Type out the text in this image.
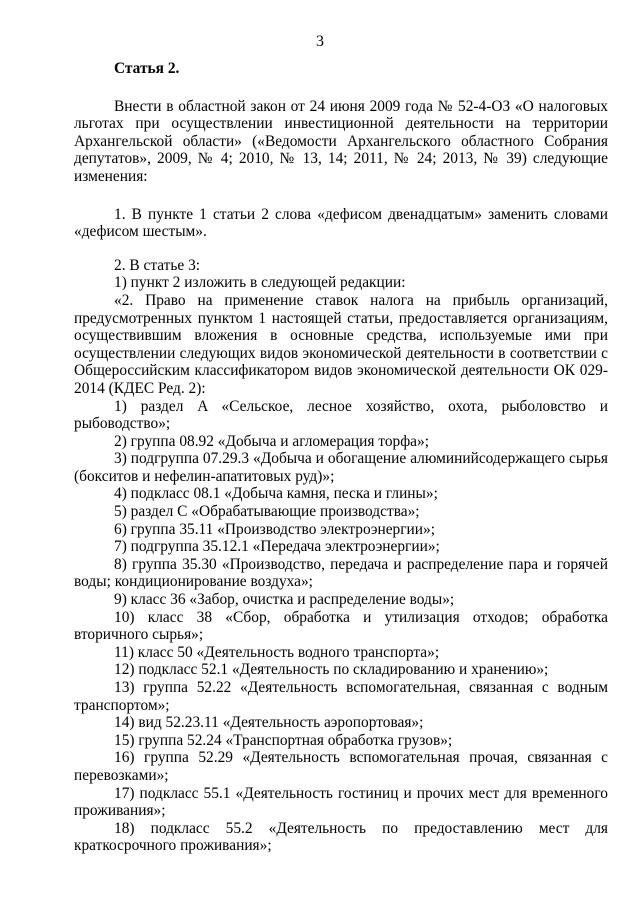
3

Статья 2.

Внести в областной закон от 24 июня 2009 года № 52-4-ОЗ «О налоговых льготах при осуществлении инвестиционной деятельности на территории Архангельской области» («Ведомости Архангельского областного Собрания депутатов», 2009, № 4; 2010, № 13, 14; 2011, № 24; 2013, № 39) следующие изменения:

1. В пункте 1 статьи 2 слова «дефисом двенадцатым» заменить словами «дефисом шестым».

2. В статье 3:

1) пункт 2 изложить в следующей редакции:

«2. Право на применение ставок налога на прибыль организаций, предусмотренных пунктом 1 настоящей статьи, предоставляется организациям, осуществившим вложения в основные средства, используемые ими при осуществлении следующих видов экономической деятельности в соответствии с Общероссийским классификатором видов экономической деятельности ОК 029-2014 (КДЕС Ред. 2):

1) раздел A «Сельское, лесное хозяйство, охота, рыболовство и рыбоводство»;

2) группа 08.92 «Добыча и агломерация торфа»;

3) подгруппа 07.29.3 «Добыча и обогащение алюминийсодержащего сырья (бокситов и нефелин-апатитовых руд)»;

4) подкласс 08.1 «Добыча камня, песка и глины»;

5) раздел C «Обрабатывающие производства»;

6) группа 35.11 «Производство электроэнергии»;

7) подгруппа 35.12.1 «Передача электроэнергии»;

8) группа 35.30 «Производство, передача и распределение пара и горячей воды; кондиционирование воздуха»;

9) класс 36 «Забор, очистка и распределение воды»;

10) класс 38 «Сбор, обработка и утилизация отходов; обработка вторичного сырья»;

11) класс 50 «Деятельность водного транспорта»;

12) подкласс 52.1 «Деятельность по складированию и хранению»;

13) группа 52.22 «Деятельность вспомогательная, связанная с водным транспортом»;

14) вид 52.23.11 «Деятельность аэропортовая»;

15) группа 52.24 «Транспортная обработка грузов»;

16) группа 52.29 «Деятельность вспомогательная прочая, связанная с перевозками»;

17) подкласс 55.1 «Деятельность гостиниц и прочих мест для временного проживания»;

18) подкласс 55.2 «Деятельность по предоставлению мест для краткосрочного проживания»;
